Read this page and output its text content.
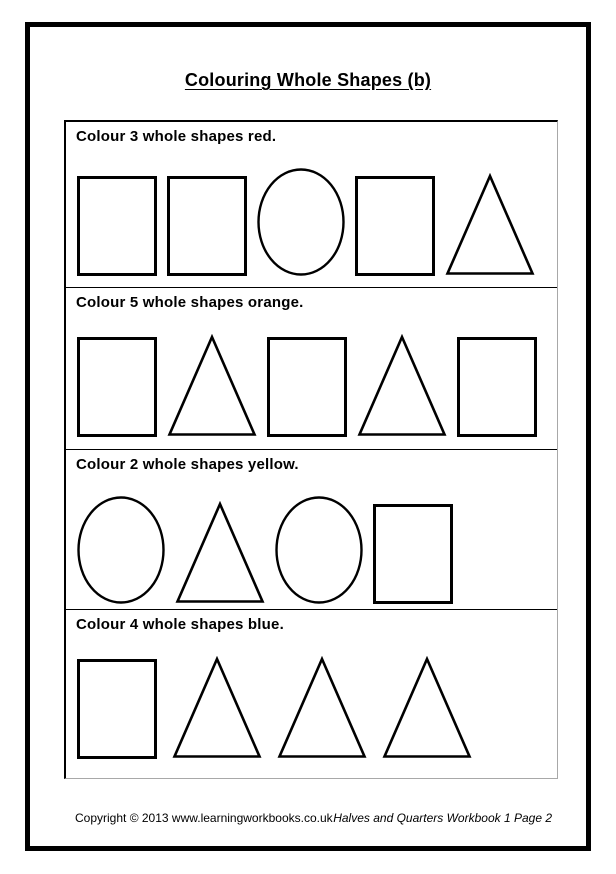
Colouring Whole Shapes (b)
Colour 3 whole shapes red.
Colour 5 whole shapes orange.
Colour 2 whole shapes yellow.
Colour 4 whole shapes blue.
Copyright © 2013 www.learningworkbooks.co.uk Halves and Quarters Workbook 1 Page 2
